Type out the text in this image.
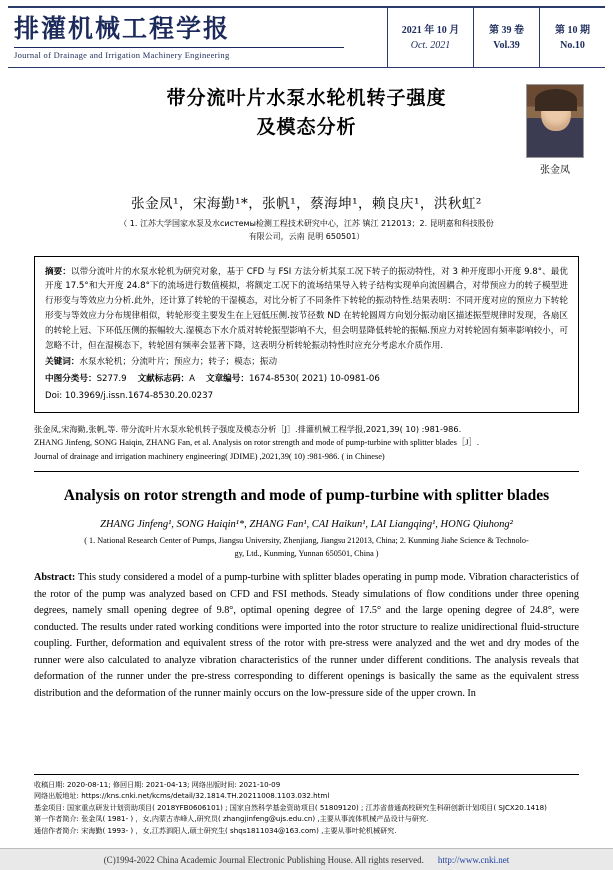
排灌机械工程学报
Journal of Drainage and Irrigation Machinery Engineering
2021 年 10 月
Oct. 2021
第 39 卷
Vol.39
第 10 期
No.10
带分流叶片水泵水轮机转子强度
及模态分析
张金凤
张金凤¹，宋海勤¹*，张帆¹，蔡海坤¹，赖良庆¹，洪秋虹²
（ 1. 江苏大学国家水泵及水системы检测工程技术研究中心，江苏 镇江 212013；2. 昆明嘉和科技股份
有限公司，云南 昆明 650501）

摘要：以带分流叶片的水泵水轮机为研究对象，基于 CFD 与 FSI 方法分析其泵工况下转子的振动特性，对 3 种开度即小开度 9.8°、最优开度 17.5°和大开度 24.8°下的流场进行数值模拟，将额定工况下的流场结果导入转子结构实现单向流固耦合，对带预应力的转子模型进行形变与等效应力分析.此外，还计算了转轮的干湿模态，对比分析了不同条件下转轮的振动特性.结果表明：不同开度对应的预应力下转轮形变与等效应力分布规律相似，转轮形变主要发生在上冠低压侧.按节径数 ND 在转轮圆周方向划分振动扇区描述振型规律时发现，各扇区的转轮上冠、下环低压侧的振幅较大.湿模态下水介质对转轮振型影响不大，但会明显降低转轮的振幅.预应力对转轮固有频率影响较小，可忽略不计，但在湿模态下，转轮固有频率会显著下降，这表明分析转轮振动特性时应充分考虑水介质作用.

关键词：水泵水轮机；分流叶片；预应力；转子；模态；振动

中图分类号：S277.9 文献标志码：A 文章编号：1674-8530( 2021) 10-0981-06

Doi: 10.3969/j.issn.1674-8530.20.0237

张金凤,宋海勤,张帆,等. 带分流叶片水泵水轮机转子强度及模态分析［J］.排灌机械工程学报,2021,39( 10) :981-986.
ZHANG Jinfeng, SONG Haiqin, ZHANG Fan, et al. Analysis on rotor strength and mode of pump-turbine with splitter blades［J］.
Journal of drainage and irrigation machinery engineering( JDIME) ,2021,39( 10) :981-986. ( in Chinese)
Analysis on rotor strength and mode of pump-turbine with splitter blades
ZHANG Jinfeng¹, SONG Haiqin¹*, ZHANG Fan¹, CAI Haikun¹, LAI Liangqing¹, HONG Qiuhong²
( 1. National Research Center of Pumps, Jiangsu University, Zhenjiang, Jiangsu 212013, China; 2. Kunming Jiahe Science & Technolo-
gy, Ltd., Kunming, Yunnan 650501, China )
Abstract: This study considered a model of a pump-turbine with splitter blades operating in pump mode. Vibration characteristics of the rotor of the pump was analyzed based on CFD and FSI methods. Steady simulations of flow conditions under three opening degrees, namely small opening degree of 9.8°, optimal opening degree of 17.5° and the large opening degree of 24.8°, were conducted. The results under rated working conditions were imported into the rotor structure to realize unidirectional fluid-structure coupling. Further, deformation and equivalent stress of the rotor with pre-stress were analyzed and the wet and dry modes of the runner were also calculated to analyze vibration characteristics of the runner under different conditions. The analysis reveals that deformation of the runner under the pre-stress corresponding to different openings is basically the same as the equivalent stress distribution and the deformation of the runner mainly occurs on the low-pressure side of the upper crown. In
收稿日期: 2020-08-11; 修回日期: 2021-04-13; 网络出版时间: 2021-10-09
网络出版地址: https://kns.cnki.net/kcms/detail/32.1814.TH.20211008.1103.032.html
基金项目: 国家重点研发计划资助项目( 2018YFB0606101) ; 国家自然科学基金资助项目( 51809120) ; 江苏省普通高校研究生科研创新计划项目( SJCX20.1418)
第一作者简介: 张金凤( 1981- ) ，女,内蒙古赤峰人,研究员( zhangjinfeng@ujs.edu.cn) ,主要从事流体机械产品设计与研究.
通信作者简介: 宋海勤( 1993- ) ，女,江苏泗阳人,硕士研究生( shqs1811034@163.com) ,主要从事叶轮机械研究.
(C)1994-2022 China Academic Journal Electronic Publishing House. All rights reserved. http://www.cnki.net
